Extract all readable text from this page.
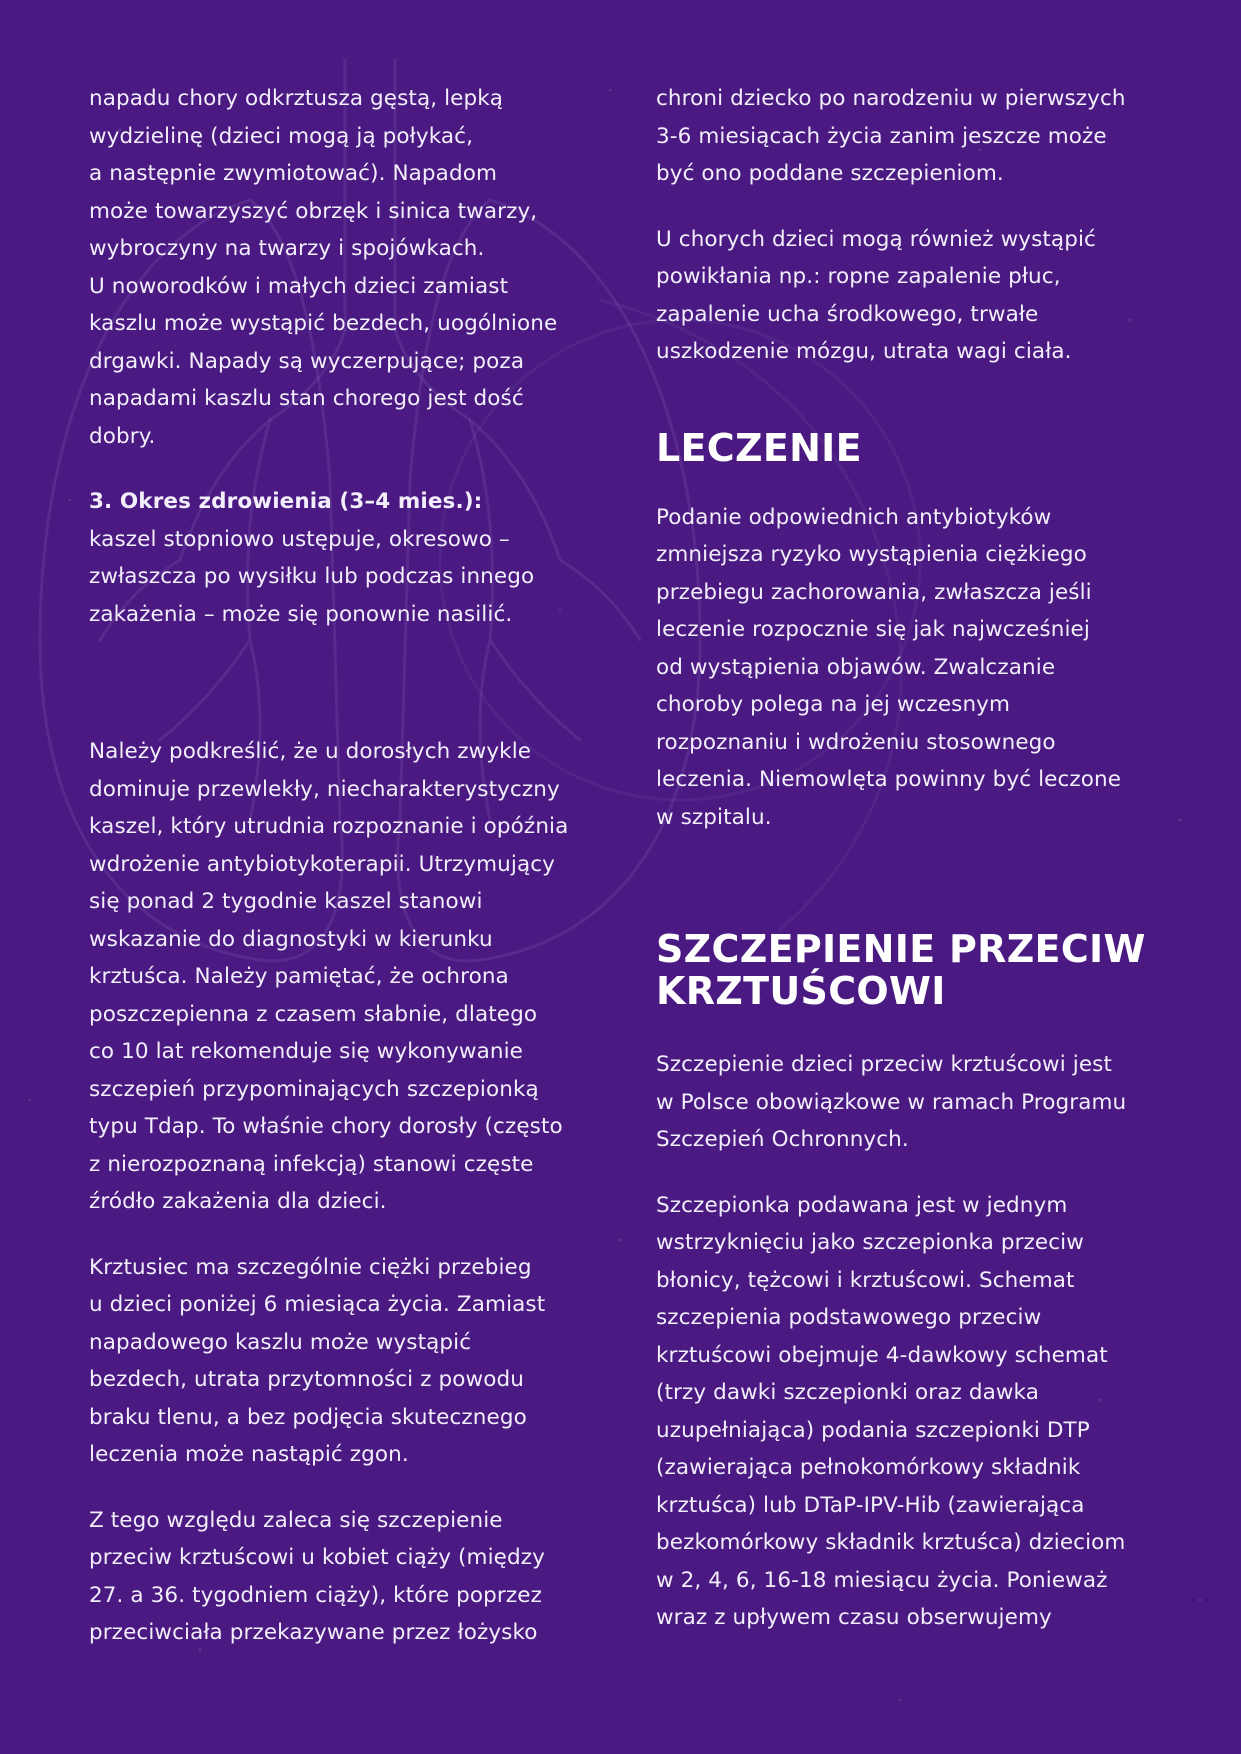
napadu chory odkrztusza gęstą, lepką
wydzielinę (dzieci mogą ją połykać,
a następnie zwymiotować). Napadom
może towarzyszyć obrzęk i sinica twarzy,
wybroczyny na twarzy i spojówkach.
U noworodków i małych dzieci zamiast
kaszlu może wystąpić bezdech, uogólnione
drgawki. Napady są wyczerpujące; poza
napadami kaszlu stan chorego jest dość
dobry.

3. Okres zdrowienia (3–4 mies.):
kaszel stopniowo ustępuje, okresowo –
zwłaszcza po wysiłku lub podczas innego
zakażenia – może się ponownie nasilić.

Należy podkreślić, że u dorosłych zwykle
dominuje przewlekły, niecharakterystyczny
kaszel, który utrudnia rozpoznanie i opóźnia
wdrożenie antybiotykoterapii. Utrzymujący
się ponad 2 tygodnie kaszel stanowi
wskazanie do diagnostyki w kierunku
krztuśca. Należy pamiętać, że ochrona
poszczepienna z czasem słabnie, dlatego
co 10 lat rekomenduje się wykonywanie
szczepień przypominających szczepionką
typu Tdap. To właśnie chory dorosły (często
z nierozpoznaną infekcją) stanowi częste
źródło zakażenia dla dzieci.

Krztusiec ma szczególnie ciężki przebieg
u dzieci poniżej 6 miesiąca życia. Zamiast
napadowego kaszlu może wystąpić
bezdech, utrata przytomności z powodu
braku tlenu, a bez podjęcia skutecznego
leczenia może nastąpić zgon.

Z tego względu zaleca się szczepienie
przeciw krztuścowi u kobiet ciąży (między
27. a 36. tygodniem ciąży), które poprzez
przeciwciała przekazywane przez łożysko

chroni dziecko po narodzeniu w pierwszych
3-6 miesiącach życia zanim jeszcze może
być ono poddane szczepieniom.

U chorych dzieci mogą również wystąpić
powikłania np.: ropne zapalenie płuc,
zapalenie ucha środkowego, trwałe
uszkodzenie mózgu, utrata wagi ciała.

LECZENIE

Podanie odpowiednich antybiotyków
zmniejsza ryzyko wystąpienia ciężkiego
przebiegu zachorowania, zwłaszcza jeśli
leczenie rozpocznie się jak najwcześniej
od wystąpienia objawów. Zwalczanie
choroby polega na jej wczesnym
rozpoznaniu i wdrożeniu stosownego
leczenia. Niemowlęta powinny być leczone
w szpitalu.

SZCZEPIENIE PRZECIW
KRZTUŚCOWI

Szczepienie dzieci przeciw krztuścowi jest
w Polsce obowiązkowe w ramach Programu
Szczepień Ochronnych.

Szczepionka podawana jest w jednym
wstrzyknięciu jako szczepionka przeciw
błonicy, tężcowi i krztuścowi. Schemat
szczepienia podstawowego przeciw
krztuścowi obejmuje 4-dawkowy schemat
(trzy dawki szczepionki oraz dawka
uzupełniająca) podania szczepionki DTP
(zawierająca pełnokomórkowy składnik
krztuśca) lub DTaP-IPV-Hib (zawierająca
bezkomórkowy składnik krztuśca) dzieciom
w 2, 4, 6, 16-18 miesiącu życia. Ponieważ
wraz z upływem czasu obserwujemy
